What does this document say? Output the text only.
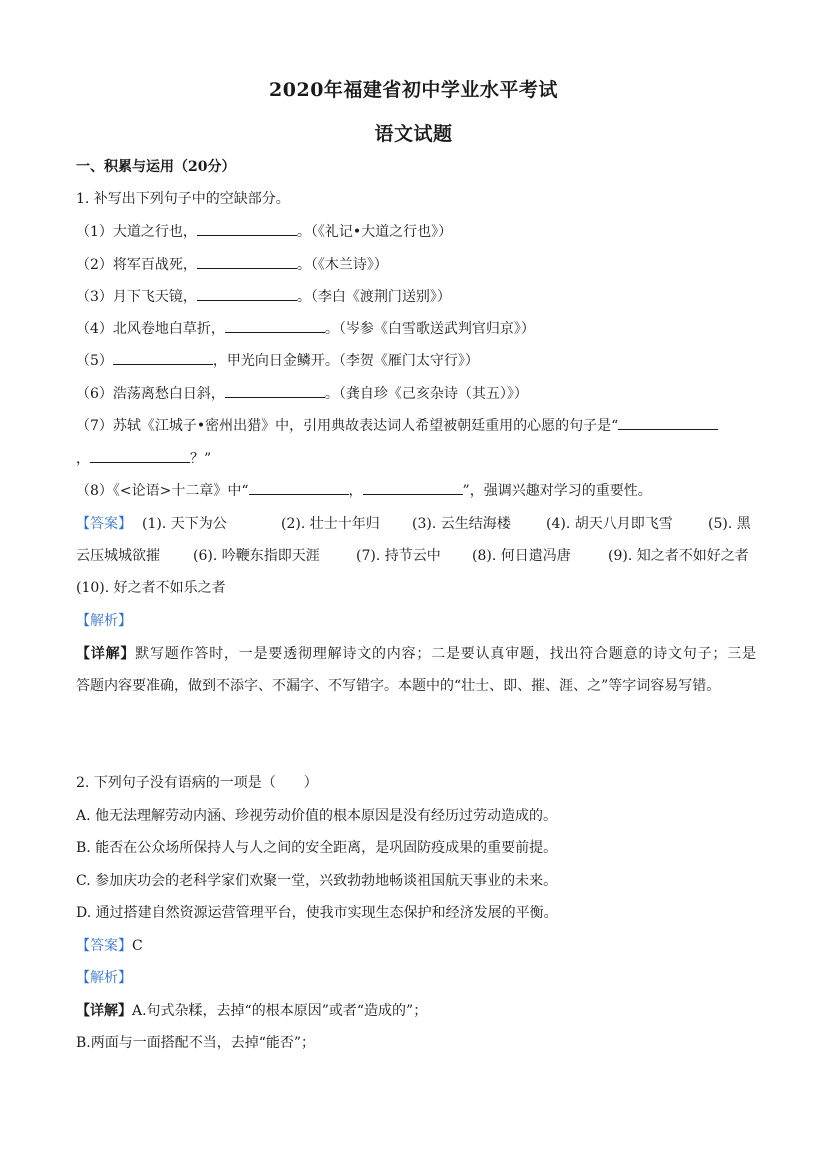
2020年福建省初中学业水平考试
语文试题
一、积累与运用（20分）
1. 补写出下列句子中的空缺部分。
（1）大道之行也，	。（《礼记•大道之行也》）
（2）将军百战死，	。（《木兰诗》）
（3）月下飞天镜，	。（李白《渡荆门送别》）
（4）北风卷地白草折，	。（岑参《白雪歌送武判官归京》）
（5）	，甲光向日金鳞开。（李贺《雁门太守行》）
（6）浩荡离愁白日斜，	。（龚自珍《己亥杂诗（其五）》）
（7）苏轼《江城子•密州出猎》中，引用典故表达词人希望被朝廷重用的心愿的句子是“
，	？”
（8）《<论语>十二章》中“	，	”，强调兴趣对学习的重要性。
【答案】 (1). 天下为公	(2). 壮士十年归 (3). 云生结海楼	(4). 胡天八月即飞雪	(5). 黑
云压城城欲摧 (6). 吟鞭东指即天涯	(7). 持节云中 (8). 何日遣冯唐	(9). 知之者不如好之者
(10). 好之者不如乐之者
【解析】
【详解】默写题作答时，一是要透彻理解诗文的内容；二是要认真审题，找出符合题意的诗文句子；三是
答题内容要准确，做到不添字、不漏字、不写错字。本题中的“壮士、即、摧、涯、之”等字词容易写错。
2. 下列句子没有语病的一项是（　　）
A. 他无法理解劳动内涵、珍视劳动价值的根本原因是没有经历过劳动造成的。
B. 能否在公众场所保持人与人之间的安全距离，是巩固防疫成果的重要前提。
C. 参加庆功会的老科学家们欢聚一堂，兴致勃勃地畅谈祖国航天事业的未来。
D. 通过搭建自然资源运营管理平台，使我市实现生态保护和经济发展的平衡。
【答案】C
【解析】
【详解】A.句式杂糅，去掉“的根本原因”或者“造成的”；
B.两面与一面搭配不当，去掉“能否”；
